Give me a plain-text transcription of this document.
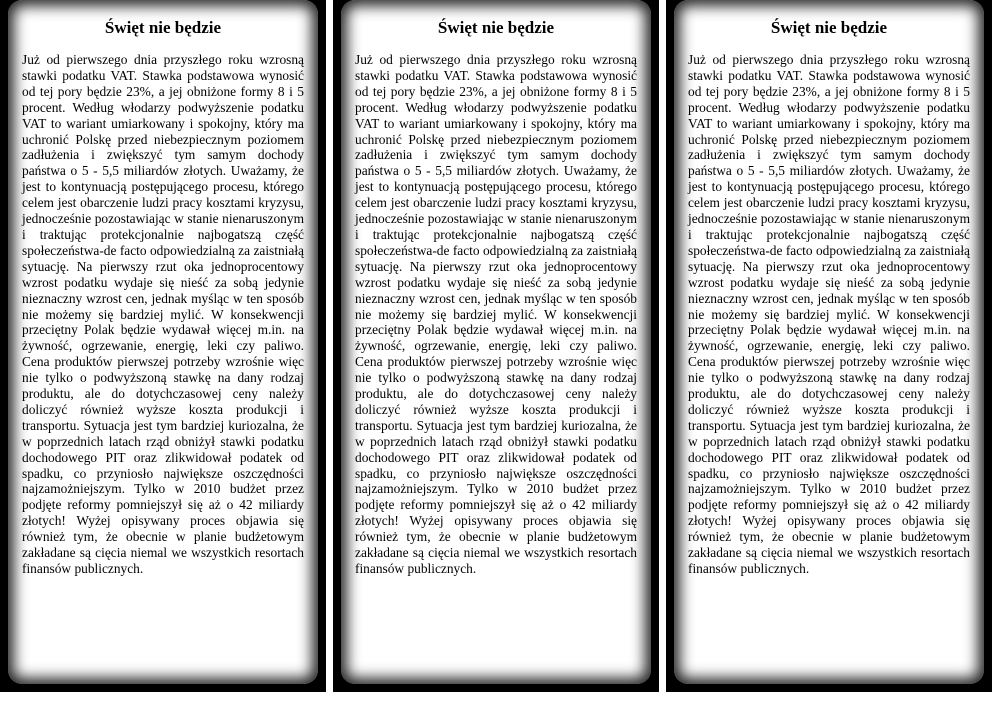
Święt nie będzie
Już od pierwszego dnia przyszłego roku wzrosną stawki podatku VAT. Stawka podstawowa wynosić od tej pory będzie 23%, a jej obniżone formy 8 i 5 procent. Według włodarzy podwyższenie podatku VAT to wariant umiarkowany i spokojny, który ma uchronić Polskę przed niebezpiecznym poziomem zadłużenia i zwiększyć tym samym dochody państwa o 5 - 5,5 miliardów złotych. Uważamy, że jest to kontynuacją postępującego procesu, którego celem jest obarczenie ludzi pracy kosztami kryzysu, jednocześnie pozostawiając w stanie nienaruszonym i traktując protekcjonalnie najbogatszą część społeczeństwa-de facto odpowiedzialną za zaistniałą sytuację. Na pierwszy rzut oka jednoprocentowy wzrost podatku wydaje się nieść za sobą jedynie nieznaczny wzrost cen, jednak myśląc w ten sposób nie możemy się bardziej mylić. W konsekwencji przeciętny Polak będzie wydawał więcej m.in. na żywność, ogrzewanie, energię, leki czy paliwo. Cena produktów pierwszej potrzeby wzrośnie więc nie tylko o podwyższoną stawkę na dany rodzaj produktu, ale do dotychczasowej ceny należy doliczyć również wyższe koszta produkcji i transportu. Sytuacja jest tym bardziej kuriozalna, że w poprzednich latach rząd obniżył stawki podatku dochodowego PIT oraz zlikwidował podatek od spadku, co przyniosło największe oszczędności najzamożniejszym. Tylko w 2010 budżet przez podjęte reformy pomniejszył się aż o 42 miliardy złotych! Wyżej opisywany proces objawia się również tym, że obecnie w planie budżetowym zakładane są cięcia niemal we wszystkich resortach finansów publicznych.
Święt nie będzie
Już od pierwszego dnia przyszłego roku wzrosną stawki podatku VAT. Stawka podstawowa wynosić od tej pory będzie 23%, a jej obniżone formy 8 i 5 procent. Według włodarzy podwyższenie podatku VAT to wariant umiarkowany i spokojny, który ma uchronić Polskę przed niebezpiecznym poziomem zadłużenia i zwiększyć tym samym dochody państwa o 5 - 5,5 miliardów złotych. Uważamy, że jest to kontynuacją postępującego procesu, którego celem jest obarczenie ludzi pracy kosztami kryzysu, jednocześnie pozostawiając w stanie nienaruszonym i traktując protekcjonalnie najbogatszą część społeczeństwa-de facto odpowiedzialną za zaistniałą sytuację. Na pierwszy rzut oka jednoprocentowy wzrost podatku wydaje się nieść za sobą jedynie nieznaczny wzrost cen, jednak myśląc w ten sposób nie możemy się bardziej mylić. W konsekwencji przeciętny Polak będzie wydawał więcej m.in. na żywność, ogrzewanie, energię, leki czy paliwo. Cena produktów pierwszej potrzeby wzrośnie więc nie tylko o podwyższoną stawkę na dany rodzaj produktu, ale do dotychczasowej ceny należy doliczyć również wyższe koszta produkcji i transportu. Sytuacja jest tym bardziej kuriozalna, że w poprzednich latach rząd obniżył stawki podatku dochodowego PIT oraz zlikwidował podatek od spadku, co przyniosło największe oszczędności najzamożniejszym. Tylko w 2010 budżet przez podjęte reformy pomniejszył się aż o 42 miliardy złotych! Wyżej opisywany proces objawia się również tym, że obecnie w planie budżetowym zakładane są cięcia niemal we wszystkich resortach finansów publicznych.
Święt nie będzie
Już od pierwszego dnia przyszłego roku wzrosną stawki podatku VAT. Stawka podstawowa wynosić od tej pory będzie 23%, a jej obniżone formy 8 i 5 procent. Według włodarzy podwyższenie podatku VAT to wariant umiarkowany i spokojny, który ma uchronić Polskę przed niebezpiecznym poziomem zadłużenia i zwiększyć tym samym dochody państwa o 5 - 5,5 miliardów złotych. Uważamy, że jest to kontynuacją postępującego procesu, którego celem jest obarczenie ludzi pracy kosztami kryzysu, jednocześnie pozostawiając w stanie nienaruszonym i traktując protekcjonalnie najbogatszą część społeczeństwa-de facto odpowiedzialną za zaistniałą sytuację. Na pierwszy rzut oka jednoprocentowy wzrost podatku wydaje się nieść za sobą jedynie nieznaczny wzrost cen, jednak myśląc w ten sposób nie możemy się bardziej mylić. W konsekwencji przeciętny Polak będzie wydawał więcej m.in. na żywność, ogrzewanie, energię, leki czy paliwo. Cena produktów pierwszej potrzeby wzrośnie więc nie tylko o podwyższoną stawkę na dany rodzaj produktu, ale do dotychczasowej ceny należy doliczyć również wyższe koszta produkcji i transportu. Sytuacja jest tym bardziej kuriozalna, że w poprzednich latach rząd obniżył stawki podatku dochodowego PIT oraz zlikwidował podatek od spadku, co przyniosło największe oszczędności najzamożniejszym. Tylko w 2010 budżet przez podjęte reformy pomniejszył się aż o 42 miliardy złotych! Wyżej opisywany proces objawia się również tym, że obecnie w planie budżetowym zakładane są cięcia niemal we wszystkich resortach finansów publicznych.
